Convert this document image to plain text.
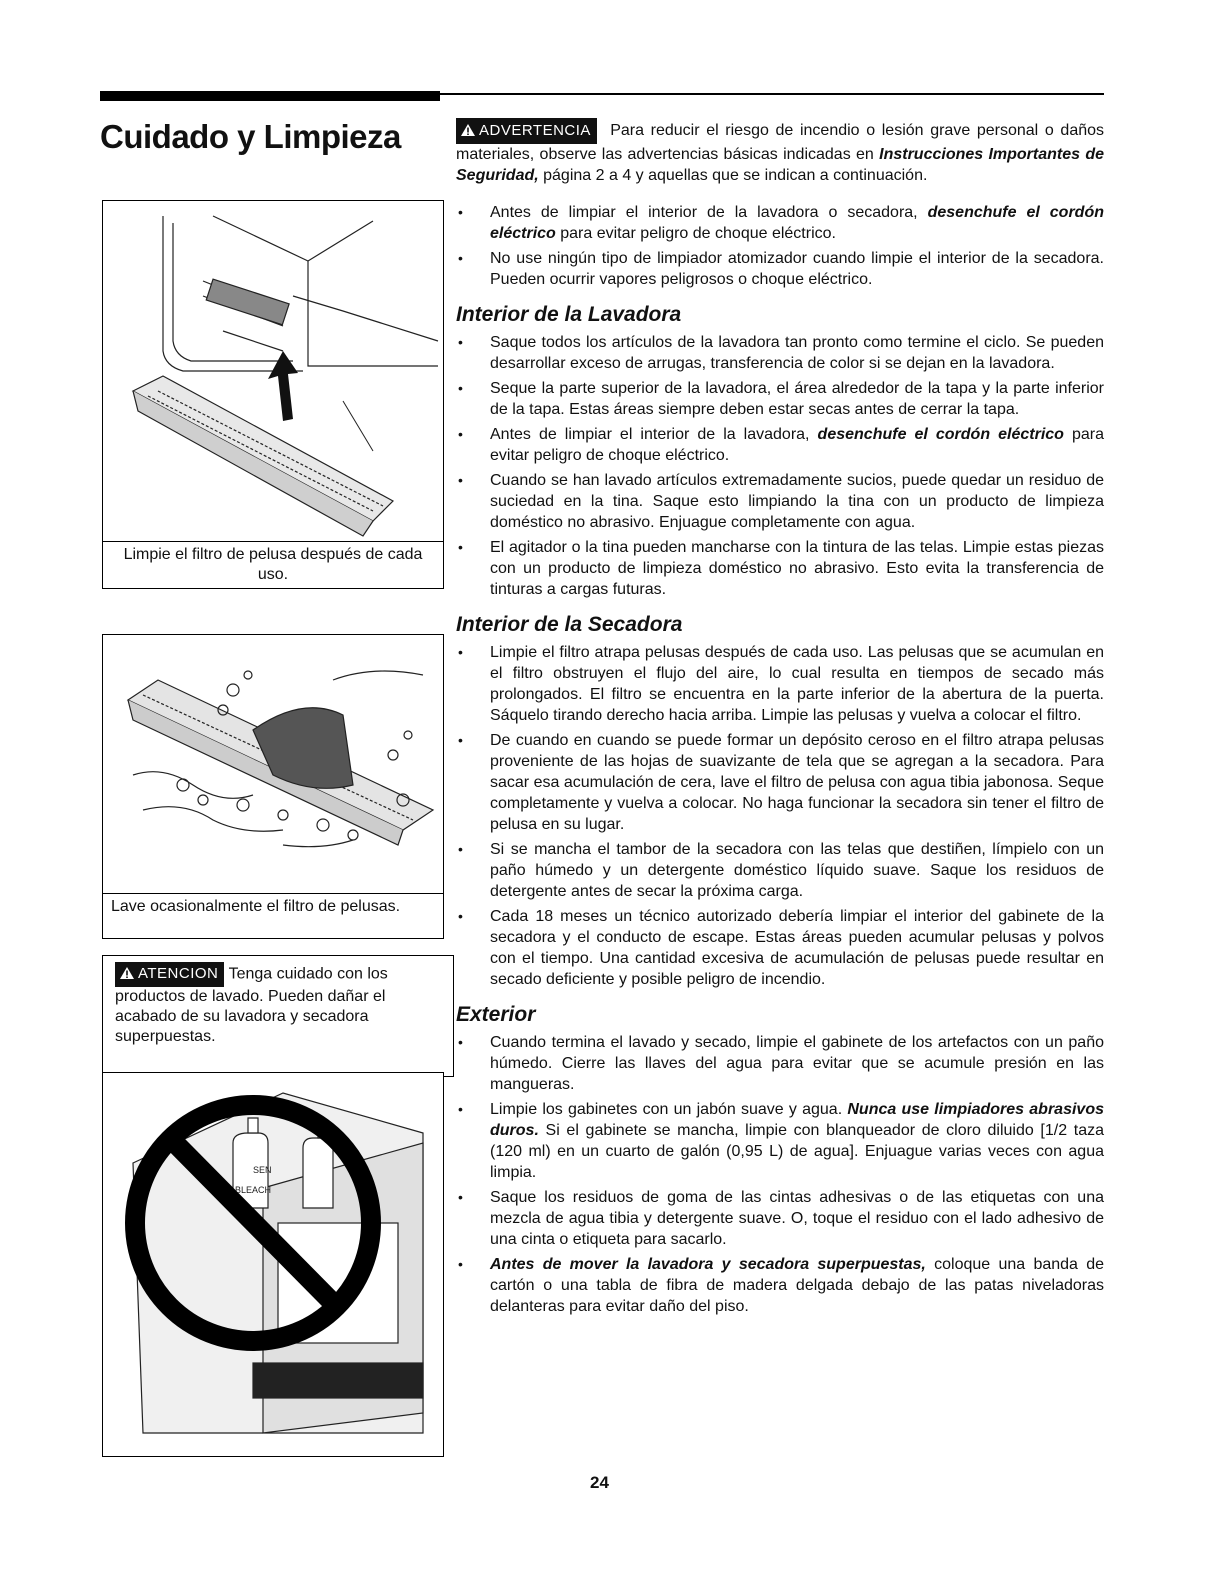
Cuidado y Limpieza
Limpie el filtro de pelusa después de cada uso.
Lave ocasionalmente el filtro de pelusas.
ATENCION Tenga cuidado con los productos de lavado. Pueden dañar el acabado de su lavadora y secadora superpuestas.
BLEACH
SEN

ADVERTENCIA Para reducir el riesgo de incendio o lesión grave personal o daños materiales, observe las advertencias básicas indicadas en Instrucciones Importantes de Seguridad, página 2 a 4 y aquellas que se indican a continuación.

• Antes de limpiar el interior de la lavadora o secadora, desenchufe el cordón eléctrico para evitar peligro de choque eléctrico.
• No use ningún tipo de limpiador atomizador cuando limpie el interior de la secadora. Pueden ocurrir vapores peligrosos o choque eléctrico.
Interior de la Lavadora
• Saque todos los artículos de la lavadora tan pronto como termine el ciclo. Se pueden desarrollar exceso de arrugas, transferencia de color si se dejan en la lavadora.
• Seque la parte superior de la lavadora, el área alrededor de la tapa y la parte inferior de la tapa. Estas áreas siempre deben estar secas antes de cerrar la tapa.
• Antes de limpiar el interior de la lavadora, desenchufe el cordón eléctrico para evitar peligro de choque eléctrico.
• Cuando se han lavado artículos extremadamente sucios, puede quedar un residuo de suciedad en la tina. Saque esto limpiando la tina con un producto de limpieza doméstico no abrasivo. Enjuague completamente con agua.
• El agitador o la tina pueden mancharse con la tintura de las telas. Limpie estas piezas con un producto de limpieza doméstico no abrasivo. Esto evita la transferencia de tinturas a cargas futuras.
Interior de la Secadora
• Limpie el filtro atrapa pelusas después de cada uso. Las pelusas que se acumulan en el filtro obstruyen el flujo del aire, lo cual resulta en tiempos de secado más prolongados. El filtro se encuentra en la parte inferior de la abertura de la puerta. Sáquelo tirando derecho hacia arriba. Limpie las pelusas y vuelva a colocar el filtro.
• De cuando en cuando se puede formar un depósito ceroso en el filtro atrapa pelusas proveniente de las hojas de suavizante de tela que se agregan a la secadora. Para sacar esa acumulación de cera, lave el filtro de pelusa con agua tibia jabonosa. Seque completamente y vuelva a colocar. No haga funcionar la secadora sin tener el filtro de pelusa en su lugar.
• Si se mancha el tambor de la secadora con las telas que destiñen, límpielo con un paño húmedo y un detergente doméstico líquido suave. Saque los residuos de detergente antes de secar la próxima carga.
• Cada 18 meses un técnico autorizado debería limpiar el interior del gabinete de la secadora y el conducto de escape. Estas áreas pueden acumular pelusas y polvos con el tiempo. Una cantidad excesiva de acumulación de pelusas puede resultar en secado deficiente y posible peligro de incendio.
Exterior
• Cuando termina el lavado y secado, limpie el gabinete de los artefactos con un paño húmedo. Cierre las llaves del agua para evitar que se acumule presión en las mangueras.
• Limpie los gabinetes con un jabón suave y agua. Nunca use limpiadores abrasivos duros. Si el gabinete se mancha, limpie con blanqueador de cloro diluido [1/2 taza (120 ml) en un cuarto de galón (0,95 L) de agua]. Enjuague varias veces con agua limpia.
• Saque los residuos de goma de las cintas adhesivas o de las etiquetas con una mezcla de agua tibia y detergente suave. O, toque el residuo con el lado adhesivo de una cinta o etiqueta para sacarlo.
• Antes de mover la lavadora y secadora superpuestas, coloque una banda de cartón o una tabla de fibra de madera delgada debajo de las patas niveladoras delanteras para evitar daño del piso.
24
